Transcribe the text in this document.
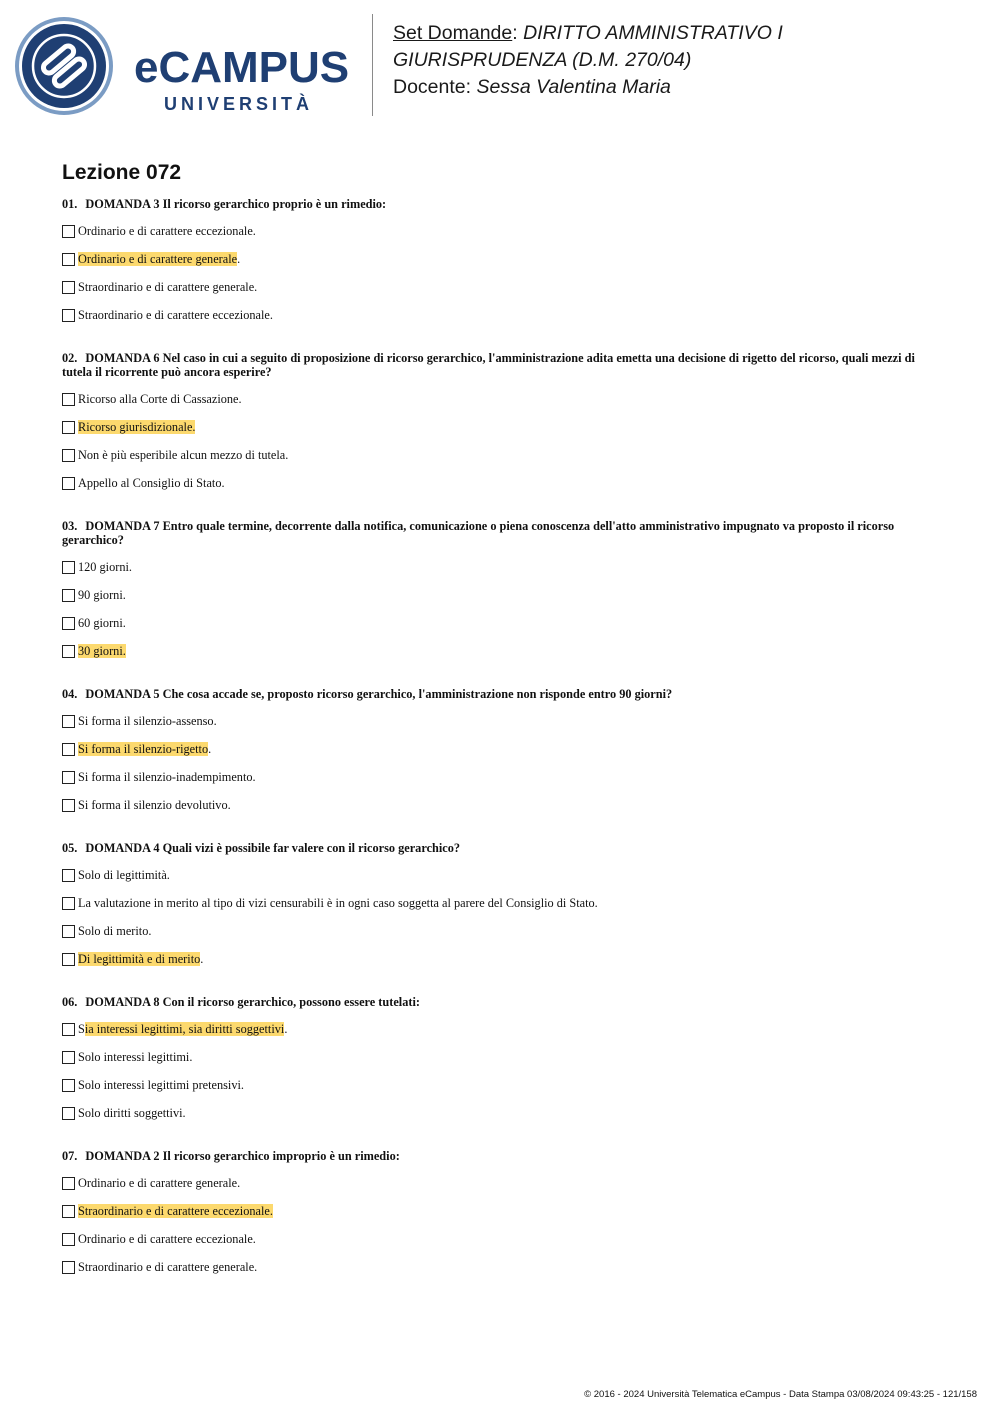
eCAMPUS
UNIVERSITÀ
Set Domande: DIRITTO AMMINISTRATIVO I
GIURISPRUDENZA (D.M. 270/04)
Docente: Sessa Valentina Maria
Lezione 072
01. DOMANDA 3 Il ricorso gerarchico proprio è un rimedio:
Ordinario e di carattere eccezionale.
Ordinario e di carattere generale.
Straordinario e di carattere generale.
Straordinario e di carattere eccezionale.
02. DOMANDA 6 Nel caso in cui a seguito di proposizione di ricorso gerarchico, l'amministrazione adita emetta una decisione di rigetto del ricorso, quali mezzi di tutela il ricorrente può ancora esperire?
Ricorso alla Corte di Cassazione.
Ricorso giurisdizionale.
Non è più esperibile alcun mezzo di tutela.
Appello al Consiglio di Stato.
03. DOMANDA 7 Entro quale termine, decorrente dalla notifica, comunicazione o piena conoscenza dell'atto amministrativo impugnato va proposto il ricorso gerarchico?
120 giorni.
90 giorni.
60 giorni.
30 giorni.
04. DOMANDA 5 Che cosa accade se, proposto ricorso gerarchico, l'amministrazione non risponde entro 90 giorni?
Si forma il silenzio-assenso.
Si forma il silenzio-rigetto.
Si forma il silenzio-inadempimento.
Si forma il silenzio devolutivo.
05. DOMANDA 4 Quali vizi è possibile far valere con il ricorso gerarchico?
Solo di legittimità.
La valutazione in merito al tipo di vizi censurabili è in ogni caso soggetta al parere del Consiglio di Stato.
Solo di merito.
Di legittimità e di merito.
06. DOMANDA 8 Con il ricorso gerarchico, possono essere tutelati:
Sia interessi legittimi, sia diritti soggettivi.
Solo interessi legittimi.
Solo interessi legittimi pretensivi.
Solo diritti soggettivi.
07. DOMANDA 2 Il ricorso gerarchico improprio è un rimedio:
Ordinario e di carattere generale.
Straordinario e di carattere eccezionale.
Ordinario e di carattere eccezionale.
Straordinario e di carattere generale.
© 2016 - 2024 Università Telematica eCampus - Data Stampa 03/08/2024 09:43:25 - 121/158
